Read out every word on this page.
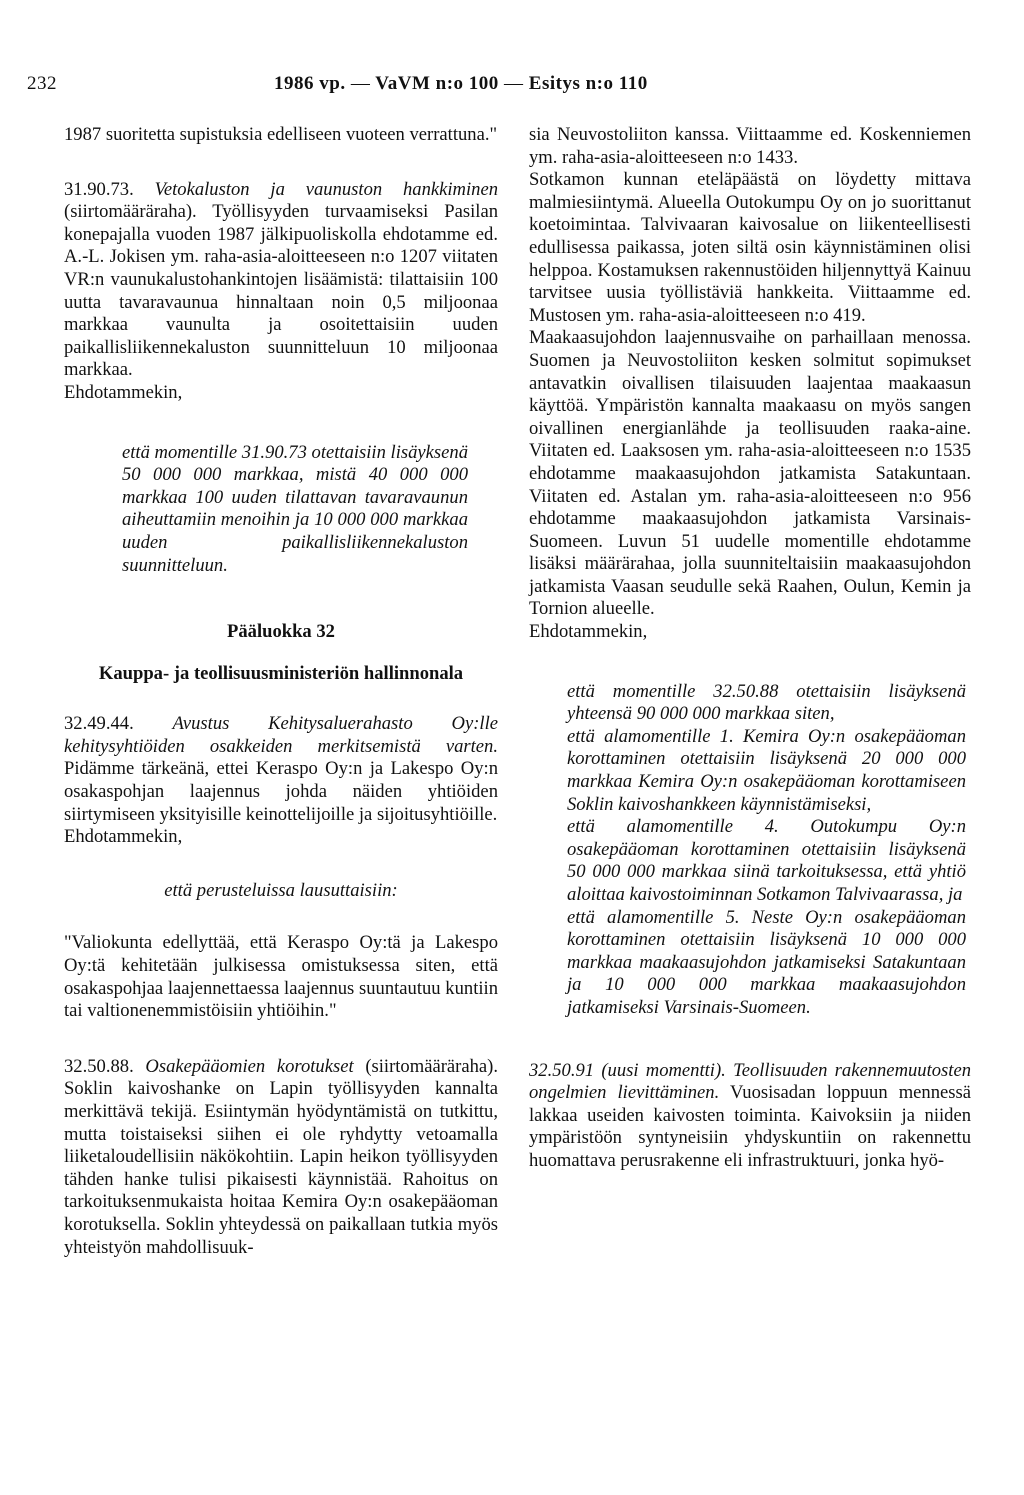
232	1986 vp. — VaVM n:o 100 — Esitys n:o 110

1987 suoritetta supistuksia edelliseen vuoteen verrattuna."

31.90.73. Vetokaluston ja vaunuston hankkiminen (siirtomääräraha). Työllisyyden turvaamiseksi Pasilan konepajalla vuoden 1987 jälkipuoliskolla ehdotamme ed. A.-L. Jokisen ym. raha-asia-aloitteeseen n:o 1207 viitaten VR:n vaunukalustohankintojen lisäämistä: tilattaisiin 100 uutta tavaravaunua hinnaltaan noin 0,5 miljoonaa markkaa vaunulta ja osoitettaisiin uuden paikallisliikennekaluston suunnitteluun 10 miljoonaa markkaa.
Ehdotammekin,

että momentille 31.90.73 otettaisiin lisäyksenä 50 000 000 markkaa, mistä 40 000 000 markkaa 100 uuden tilattavan tavaravaunun aiheuttamiin menoihin ja 10 000 000 markkaa uuden paikallisliikennekaluston suunnitteluun.

Pääluokka 32
Kauppa- ja teollisuusministeriön hallinnonala

32.49.44. Avustus Kehitysaluerahasto Oy:lle kehitysyhtiöiden osakkeiden merkitsemistä varten. Pidämme tärkeänä, ettei Keraspo Oy:n ja Lakespo Oy:n osakaspohjan laajennus johda näiden yhtiöiden siirtymiseen yksityisille keinottelijoille ja sijoitusyhtiöille.
Ehdotammekin,

että perusteluissa lausuttaisiin:

"Valiokunta edellyttää, että Keraspo Oy:tä ja Lakespo Oy:tä kehitetään julkisessa omistuksessa siten, että osakaspohjaa laajennettaessa laajennus suuntautuu kuntiin tai valtionenemmistöisiin yhtiöihin."

32.50.88. Osakepääomien korotukset (siirtomääräraha). Soklin kaivoshanke on Lapin työllisyyden kannalta merkittävä tekijä. Esiintymän hyödyntämistä on tutkittu, mutta toistaiseksi siihen ei ole ryhdytty vetoamalla liiketaloudellisiin näkökohtiin. Lapin heikon työllisyyden tähden hanke tulisi pikaisesti käynnistää. Rahoitus on tarkoituksenmukaista hoitaa Kemira Oy:n osakepääoman korotuksella. Soklin yhteydessä on paikallaan tutkia myös yhteistyön mahdollisuuk-

sia Neuvostoliiton kanssa. Viittaamme ed. Koskenniemen ym. raha-asia-aloitteeseen n:o 1433.

Sotkamon kunnan eteläpäästä on löydetty mittava malmiesiintymä. Alueella Outokumpu Oy on jo suorittanut koetoimintaa. Talvivaaran kaivosalue on liikenteellisesti edullisessa paikassa, joten siltä osin käynnistäminen olisi helppoa. Kostamuksen rakennustöiden hiljennyttyä Kainuu tarvitsee uusia työllistäviä hankkeita. Viittaamme ed. Mustosen ym. raha-asia-aloitteeseen n:o 419.

Maakaasujohdon laajennusvaihe on parhaillaan menossa. Suomen ja Neuvostoliiton kesken solmitut sopimukset antavatkin oivallisen tilaisuuden laajentaa maakaasun käyttöä. Ympäristön kannalta maakaasu on myös sangen oivallinen energianlähde ja teollisuuden raaka-aine. Viitaten ed. Laaksosen ym. raha-asia-aloitteeseen n:o 1535 ehdotamme maakaasujohdon jatkamista Satakuntaan. Viitaten ed. Astalan ym. raha-asia-aloitteeseen n:o 956 ehdotamme maakaasujohdon jatkamista Varsinais-Suomeen. Luvun 51 uudelle momentille ehdotamme lisäksi määrärahaa, jolla suunniteltaisiin maakaasujohdon jatkamista Vaasan seudulle sekä Raahen, Oulun, Kemin ja Tornion alueelle.
Ehdotammekin,

että momentille 32.50.88 otettaisiin lisäyksenä yhteensä 90 000 000 markkaa siten,
että alamomentille 1. Kemira Oy:n osakepääoman korottaminen otettaisiin lisäyksenä 20 000 000 markkaa Kemira Oy:n osakepääoman korottamiseen Soklin kaivoshankkeen käynnistämiseksi,
että alamomentille 4. Outokumpu Oy:n osakepääoman korottaminen otettaisiin lisäyksenä 50 000 000 markkaa siinä tarkoituksessa, että yhtiö aloittaa kaivostoiminnan Sotkamon Talvivaarassa, ja
että alamomentille 5. Neste Oy:n osakepääoman korottaminen otettaisiin lisäyksenä 10 000 000 markkaa maakaasujohdon jatkamiseksi Satakuntaan ja 10 000 000 markkaa maakaasujohdon jatkamiseksi Varsinais-Suomeen.

32.50.91 (uusi momentti). Teollisuuden rakennemuutosten ongelmien lievittäminen. Vuosisadan loppuun mennessä lakkaa useiden kaivosten toiminta. Kaivoksiin ja niiden ympäristöön syntyneisiin yhdyskuntiin on rakennettu huomattava perusrakenne eli infrastruktuuri, jonka hyö-
